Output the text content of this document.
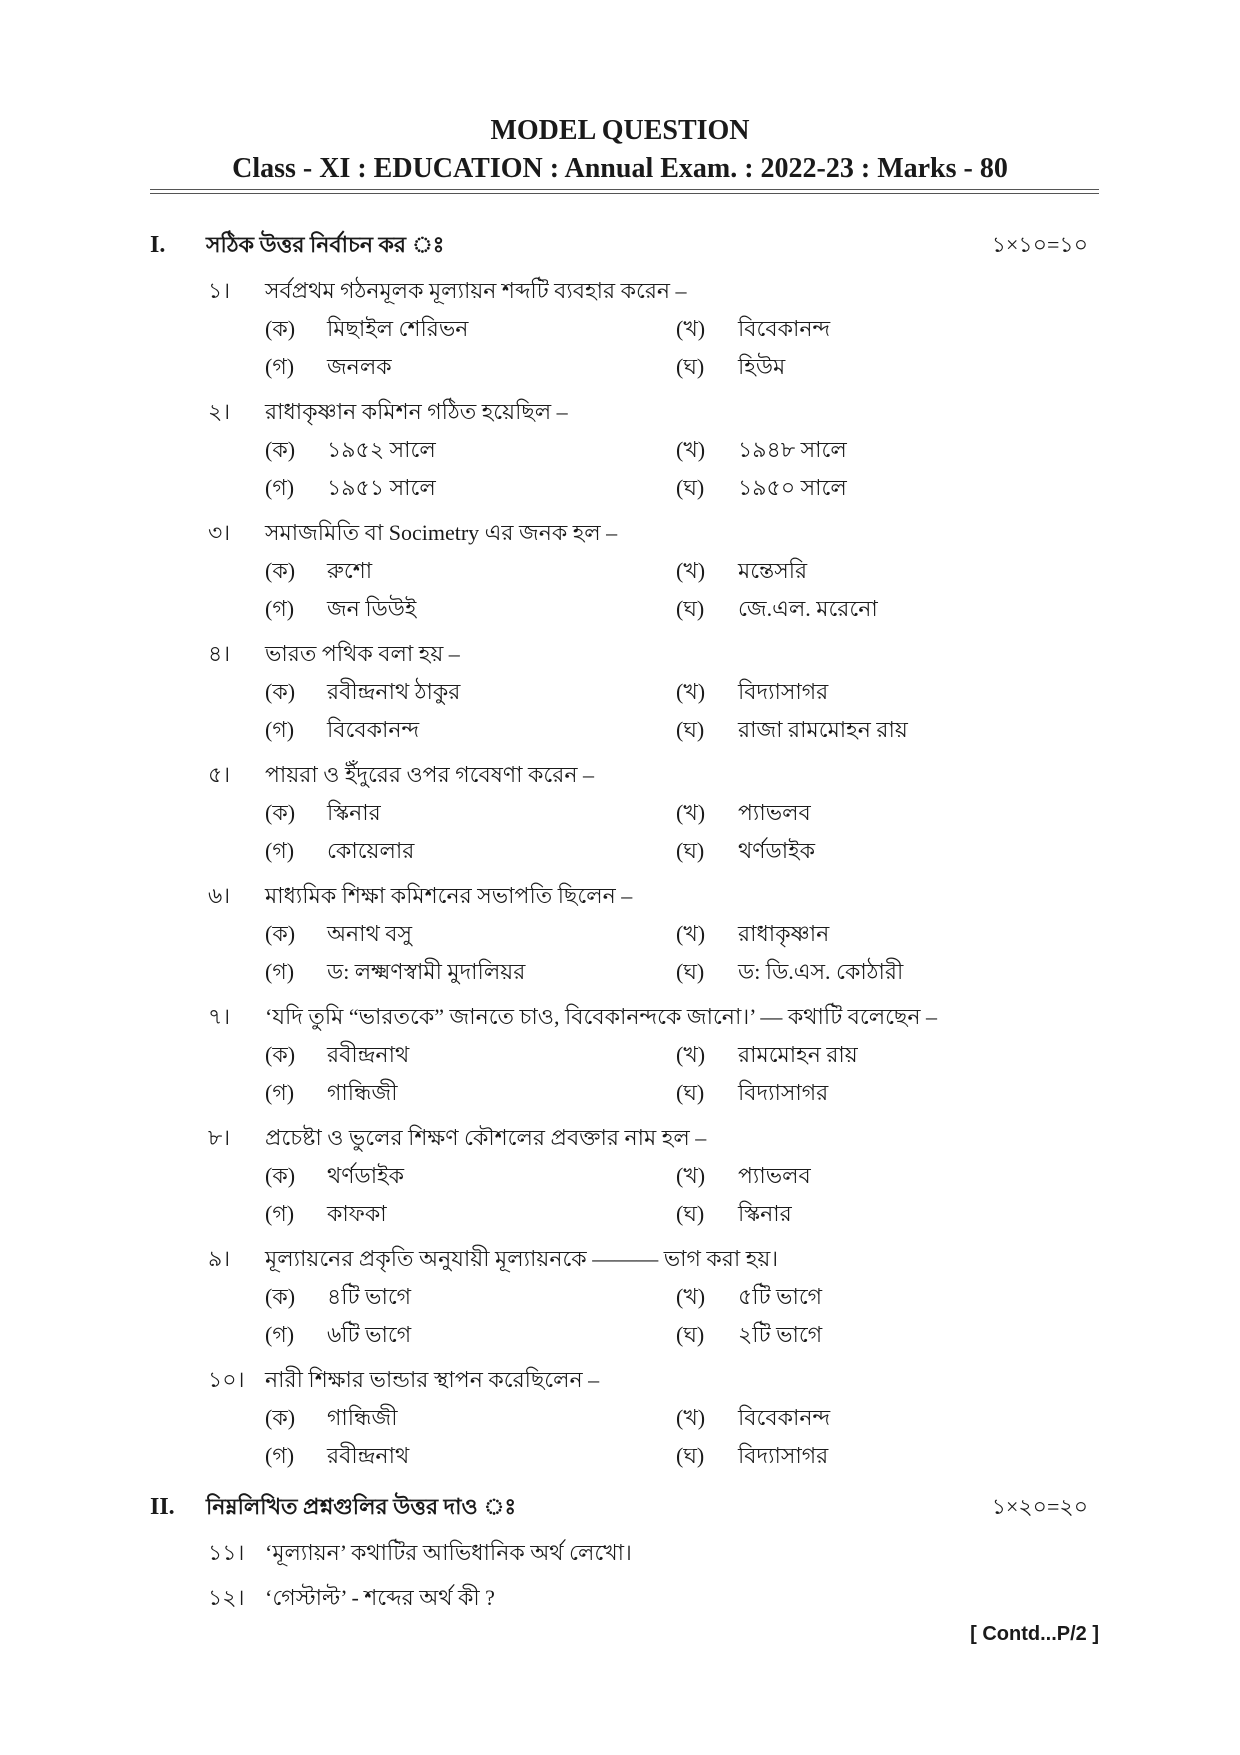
MODEL QUESTION
Class - XI : EDUCATION : Annual Exam. : 2022-23 : Marks - 80
I. সঠিক উত্তর নির্বাচন কর ঃ	১×১০=১০
১। সর্বপ্রথম গঠনমূলক মূল্যায়ন শব্দটি ব্যবহার করেন –
(ক) মিছাইল শেরিভন	(খ) বিবেকানন্দ
(গ) জনলক	(ঘ) হিউম
২। রাধাকৃষ্ণান কমিশন গঠিত হয়েছিল –
(ক) ১৯৫২ সালে	(খ) ১৯৪৮ সালে
(গ) ১৯৫১ সালে	(ঘ) ১৯৫০ সালে
৩। সমাজমিতি বা Socimetry এর জনক হল –
(ক) রুশো	(খ) মন্তেসরি
(গ) জন ডিউই	(ঘ) জে.এল. মরেনো
৪। ভারত পথিক বলা হয় –
(ক) রবীন্দ্রনাথ ঠাকুর	(খ) বিদ্যাসাগর
(গ) বিবেকানন্দ	(ঘ) রাজা রামমোহন রায়
৫। পায়রা ও ইঁদুরের ওপর গবেষণা করেন –
(ক) স্কিনার	(খ) প্যাভলব
(গ) কোয়েলার	(ঘ) থর্ণডাইক
৬। মাধ্যমিক শিক্ষা কমিশনের সভাপতি ছিলেন –
(ক) অনাথ বসু	(খ) রাধাকৃষ্ণান
(গ) ড: লক্ষ্মণস্বামী মুদালিয়র	(ঘ) ড: ডি.এস. কোঠারী
৭। ‘যদি তুমি “ভারতকে” জানতে চাও, বিবেকানন্দকে জানো।’ — কথাটি বলেছেন –
(ক) রবীন্দ্রনাথ	(খ) রামমোহন রায়
(গ) গান্ধিজী	(ঘ) বিদ্যাসাগর
৮। প্রচেষ্টা ও ভুলের শিক্ষণ কৌশলের প্রবক্তার নাম হল –
(ক) থর্ণডাইক	(খ) প্যাভলব
(গ) কাফকা	(ঘ) স্কিনার
৯। মূল্যায়নের প্রকৃতি অনুযায়ী মূল্যায়নকে ——— ভাগ করা হয়।
(ক) ৪টি ভাগে	(খ) ৫টি ভাগে
(গ) ৬টি ভাগে	(ঘ) ২টি ভাগে
১০। নারী শিক্ষার ভান্ডার স্থাপন করেছিলেন –
(ক) গান্ধিজী	(খ) বিবেকানন্দ
(গ) রবীন্দ্রনাথ	(ঘ) বিদ্যাসাগর
II. নিম্নলিখিত প্রশ্নগুলির উত্তর দাও ঃ	১×২০=২০
১১। ‘মূল্যায়ন’ কথাটির আভিধানিক অর্থ লেখো।
১২। ‘গেস্টাল্ট’ - শব্দের অর্থ কী ?
[ Contd...P/2 ]
